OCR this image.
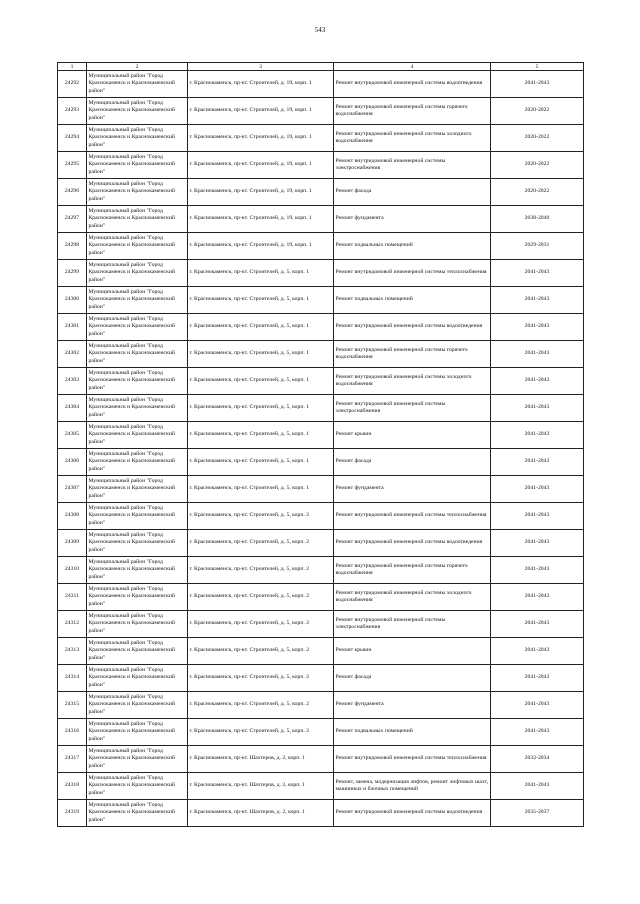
543
1	2	3	4	5
24292	Муниципальный район "Город Краснокаменск и Краснокаменский район"	г. Краснокаменск, пр-кт. Строителей, д. 19, корп. 1	Ремонт внутридомовой инженерной системы водоотведения	2041-2043
24293	Муниципальный район "Город Краснокаменск и Краснокаменский район"	г. Краснокаменск, пр-кт. Строителей, д. 19, корп. 1	Ремонт внутридомовой инженерной системы горячего водоснабжения	2020-2022
24294	Муниципальный район "Город Краснокаменск и Краснокаменский район"	г. Краснокаменск, пр-кт. Строителей, д. 19, корп. 1	Ремонт внутридомовой инженерной системы холодного водоснабжения	2020-2022
24295	Муниципальный район "Город Краснокаменск и Краснокаменский район"	г. Краснокаменск, пр-кт. Строителей, д. 19, корп. 1	Ремонт внутридомовой инженерной системы электроснабжения	2020-2022
24296	Муниципальный район "Город Краснокаменск и Краснокаменский район"	г. Краснокаменск, пр-кт. Строителей, д. 19, корп. 1	Ремонт фасада	2020-2022
24297	Муниципальный район "Город Краснокаменск и Краснокаменский район"	г. Краснокаменск, пр-кт. Строителей, д. 19, корп. 1	Ремонт фундамента	2038-2040
24298	Муниципальный район "Город Краснокаменск и Краснокаменский район"	г. Краснокаменск, пр-кт. Строителей, д. 19, корп. 1	Ремонт подвальных помещений	2029-2031
24299	Муниципальный район "Город Краснокаменск и Краснокаменский район"	г. Краснокаменск, пр-кт. Строителей, д. 5, корп. 1	Ремонт внутридомовой инженерной системы теплоснабжения	2041-2043
24300	Муниципальный район "Город Краснокаменск и Краснокаменский район"	г. Краснокаменск, пр-кт. Строителей, д. 5, корп. 1	Ремонт подвальных помещений	2041-2043
24301	Муниципальный район "Город Краснокаменск и Краснокаменский район"	г. Краснокаменск, пр-кт. Строителей, д. 5, корп. 1	Ремонт внутридомовой инженерной системы водоотведения	2041-2043
24302	Муниципальный район "Город Краснокаменск и Краснокаменский район"	г. Краснокаменск, пр-кт. Строителей, д. 5, корп. 1	Ремонт внутридомовой инженерной системы горячего водоснабжения	2041-2043
24303	Муниципальный район "Город Краснокаменск и Краснокаменский район"	г. Краснокаменск, пр-кт. Строителей, д. 5, корп. 1	Ремонт внутридомовой инженерной системы холодного водоснабжения	2041-2043
24304	Муниципальный район "Город Краснокаменск и Краснокаменский район"	г. Краснокаменск, пр-кт. Строителей, д. 5, корп. 1	Ремонт внутридомовой инженерной системы электроснабжения	2041-2043
24305	Муниципальный район "Город Краснокаменск и Краснокаменский район"	г. Краснокаменск, пр-кт. Строителей, д. 5, корп. 1	Ремонт крыши	2041-2043
24306	Муниципальный район "Город Краснокаменск и Краснокаменский район"	г. Краснокаменск, пр-кт. Строителей, д. 5, корп. 1	Ремонт фасада	2041-2043
24307	Муниципальный район "Город Краснокаменск и Краснокаменский район"	г. Краснокаменск, пр-кт. Строителей, д. 5, корп. 1	Ремонт фундамента	2041-2043
24308	Муниципальный район "Город Краснокаменск и Краснокаменский район"	г. Краснокаменск, пр-кт. Строителей, д. 5, корп. 2	Ремонт внутридомовой инженерной системы теплоснабжения	2041-2043
24309	Муниципальный район "Город Краснокаменск и Краснокаменский район"	г. Краснокаменск, пр-кт. Строителей, д. 5, корп. 2	Ремонт внутридомовой инженерной системы водоотведения	2041-2043
24310	Муниципальный район "Город Краснокаменск и Краснокаменский район"	г. Краснокаменск, пр-кт. Строителей, д. 5, корп. 2	Ремонт внутридомовой инженерной системы горячего водоснабжения	2041-2043
24311	Муниципальный район "Город Краснокаменск и Краснокаменский район"	г. Краснокаменск, пр-кт. Строителей, д. 5, корп. 2	Ремонт внутридомовой инженерной системы холодного водоснабжения	2041-2043
24312	Муниципальный район "Город Краснокаменск и Краснокаменский район"	г. Краснокаменск, пр-кт. Строителей, д. 5, корп. 2	Ремонт внутридомовой инженерной системы электроснабжения	2041-2043
24313	Муниципальный район "Город Краснокаменск и Краснокаменский район"	г. Краснокаменск, пр-кт. Строителей, д. 5, корп. 2	Ремонт крыши	2041-2043
24314	Муниципальный район "Город Краснокаменск и Краснокаменский район"	г. Краснокаменск, пр-кт. Строителей, д. 5, корп. 2	Ремонт фасада	2041-2043
24315	Муниципальный район "Город Краснокаменск и Краснокаменский район"	г. Краснокаменск, пр-кт. Строителей, д. 5, корп. 2	Ремонт фундамента	2041-2043
24316	Муниципальный район "Город Краснокаменск и Краснокаменский район"	г. Краснокаменск, пр-кт. Строителей, д. 5, корп. 2	Ремонт подвальных помещений	2041-2043
24317	Муниципальный район "Город Краснокаменск и Краснокаменский район"	г. Краснокаменск, пр-кт. Шахтеров, д. 2, корп. 1	Ремонт внутридомовой инженерной системы теплоснабжения	2032-2034
24318	Муниципальный район "Город Краснокаменск и Краснокаменский район"	г. Краснокаменск, пр-кт. Шахтеров, д. 2, корп. 1	Ремонт, замена, модернизация лифтов, ремонт лифтовых шахт, машинных и блочных помещений	2041-2043
24319	Муниципальный район "Город Краснокаменск и Краснокаменский район"	г. Краснокаменск, пр-кт. Шахтеров, д. 2, корп. 1	Ремонт внутридомовой инженерной системы водоотведения	2035-2037
